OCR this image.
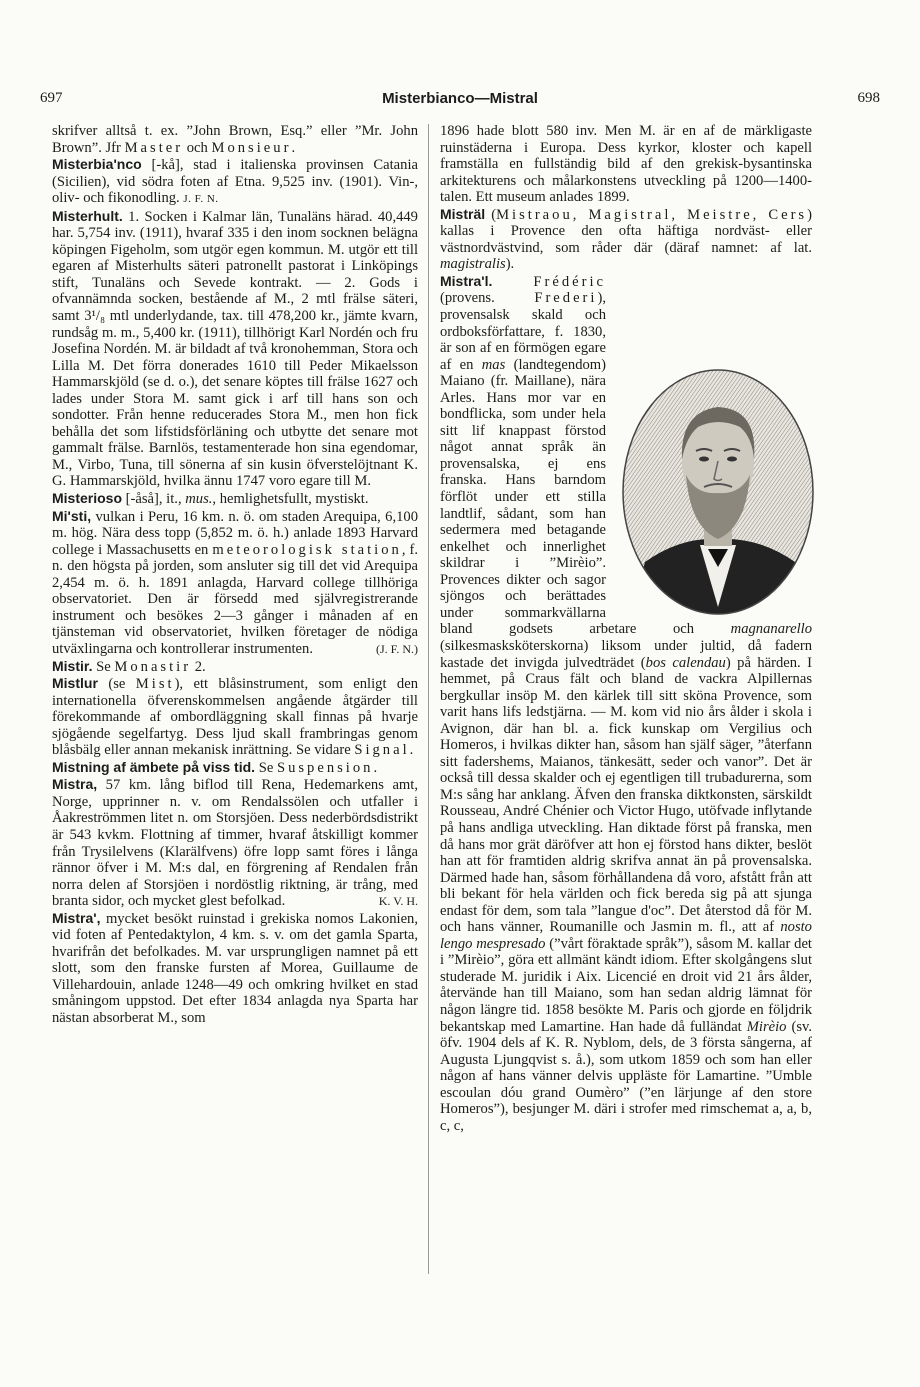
697	Misterbianco—Mistral	698

skrifver alltså t. ex. ”John Brown, Esq.” eller ”Mr. John Brown”. Jfr Master och Monsieur.

Misterbia'nco [-kå], stad i italienska provinsen Catania (Sicilien), vid södra foten af Etna. 9,525 inv. (1901). Vin-, oliv- och fikonodling. J. F. N.

Misterhult. 1. Socken i Kalmar län, Tunaläns härad. 40,449 har. 5,754 inv. (1911), hvaraf 335 i den inom socknen belägna köpingen Figeholm, som utgör egen kommun. M. utgör ett till egaren af Misterhults säteri patronellt pastorat i Linköpings stift, Tunaläns och Sevede kontrakt. — 2. Gods i ofvannämnda socken, bestående af M., 2 mtl frälse säteri, samt 3¹/₈ mtl underlydande, tax. till 478,200 kr., jämte kvarn, rundsåg m. m., 5,400 kr. (1911), tillhörigt Karl Nordén och fru Josefina Nordén. M. är bildadt af två kronohemman, Stora och Lilla M. Det förra donerades 1610 till Peder Mikaelsson Hammarskjöld (se d. o.), det senare köptes till frälse 1627 och lades under Stora M. samt gick i arf till hans son och sondotter. Från henne reducerades Stora M., men hon fick behålla det som lifstidsförläning och utbytte det senare mot gammalt frälse. Barnlös, testamenterade hon sina egendomar, M., Virbo, Tuna, till sönerna af sin kusin öfverstelöjtnant K. G. Hammarskjöld, hvilka ännu 1747 voro egare till M.

Misterioso [-åså], it., mus., hemlighetsfullt, mystiskt.

Mi'sti, vulkan i Peru, 16 km. n. ö. om staden Arequipa, 6,100 m. hög. Nära dess topp (5,852 m. ö. h.) anlade 1893 Harvard college i Massachusetts en meteorologisk station, f. n. den högsta på jorden, som ansluter sig till det vid Arequipa 2,454 m. ö. h. 1891 anlagda, Harvard college tillhöriga observatoriet. Den är försedd med självregistrerande instrument och besökes 2—3 gånger i månaden af en tjänsteman vid observatoriet, hvilken företager de nödiga utväxlingarna och kontrollerar instrumenten.	(J. F. N.)

Mistir. Se Monastir 2.

Mistlur (se Mist), ett blåsinstrument, som enligt den internationella öfverenskommelsen angående åtgärder till förekommande af ombordläggning skall finnas på hvarje sjögående segelfartyg. Dess ljud skall frambringas genom blåsbälg eller annan mekanisk inrättning. Se vidare Signal.

Mistning af ämbete på viss tid. Se Suspension.

Mistra, 57 km. lång biflod till Rena, Hedemarkens amt, Norge, upprinner n. v. om Rendalssölen och utfaller i Åakreströmmen litet n. om Storsjöen. Dess nederbördsdistrikt är 543 kvkm. Flottning af timmer, hvaraf åtskilligt kommer från Trysilelvens (Klarälfvens) öfre lopp samt föres i långa rännor öfver i M. M:s dal, en förgrening af Rendalen från norra delen af Storsjöen i nordöstlig riktning, är trång, med branta sidor, och mycket glest befolkad.	K. V. H.

Mistra', mycket besökt ruinstad i grekiska nomos Lakonien, vid foten af Pentedaktylon, 4 km. s. v. om det gamla Sparta, hvarifrån det befolkades. M. var ursprungligen namnet på ett slott, som den franske fursten af Morea, Guillaume de Villehardouin, anlade 1248—49 och omkring hvilket en stad småningom uppstod. Det efter 1834 anlagda nya Sparta har nästan absorberat M., som

1896 hade blott 580 inv. Men M. är en af de märkligaste ruinstäderna i Europa. Dess kyrkor, kloster och kapell framställa en fullständig bild af den grekisk-bysantinska arkitekturens och målarkonstens utveckling på 1200—1400-talen. Ett museum anlades 1899.

Misträl (Mistraou, Magistral, Meistre, Cers) kallas i Provence den ofta häftiga nordväst- eller västnordvästvind, som råder där (däraf namnet: af lat. magistralis).

Mistra'l.	Frédéric (provens.	Frederi), provensalsk skald och ordboksförfattare, f. 1830, är son af en förmögen egare af en mas (landtegendom) Maiano (fr. Maillane), nära Arles. Hans mor var en bondflicka, som under hela sitt lif knappast förstod något annat språk än provensalska, ej ens franska. Hans barndom förflöt under ett stilla landtlif, sådant, som han sedermera med betagande enkelhet och innerlighet skildrar i ”Mirèio”. Provences dikter och sagor sjöngos och berättades under sommarkvällarna bland godsets arbetare och	magnanarello (silkesmasksköterskorna) liksom under jultid, då fadern kastade det invigda julvedträdet (bos calendau) på härden. I hemmet, på Craus fält och bland de vackra Alpillernas bergkullar insöp M. den kärlek till sitt sköna Provence, som varit hans lifs ledstjärna. — M. kom vid nio års ålder i skola i Avignon, där han bl. a. fick kunskap om Vergilius och Homeros, i hvilkas dikter han, såsom han själf säger, ”återfann sitt fadershems, Maianos, tänkesätt, seder och vanor”. Det är också till dessa skalder och ej egentligen till trubadurerna, som M:s sång har anklang. Äfven den franska diktkonsten, särskildt Rousseau, André Chénier och Victor Hugo, utöfvade inflytande på hans andliga utveckling. Han diktade först på franska, men då hans mor grät däröfver att hon ej förstod hans dikter, beslöt han att för framtiden aldrig skrifva annat än på provensalska. Därmed hade han, såsom förhållandena då voro, afstått från att bli bekant för hela världen och fick bereda sig på att sjunga endast för dem, som tala ”langue d'oc”. Det återstod då för M. och hans vänner, Roumanille och Jasmin m. fl., att af nosto lengo mespresado (”vårt föraktade språk”), såsom M. kallar det i ”Mirèio”, göra ett allmänt kändt idiom. Efter skolgångens slut studerade M. juridik i Aix. Licencié en droit vid 21 års ålder, återvände han till Maiano, som han sedan aldrig lämnat för någon längre tid. 1858 besökte M. Paris och gjorde en följdrik bekantskap med Lamartine. Han hade då fulländat Mirèio (sv. öfv. 1904 dels af K. R. Nyblom, dels, de 3 första sångerna, af Augusta Ljungqvist s. å.), som utkom 1859 och som han eller någon af hans vänner delvis uppläste för Lamartine. ”Umble escoulan dóu grand Oumèro” (”en lärjunge af den store Homeros”), besjunger M. däri i strofer med rimschemat a, a, b, c, c,
